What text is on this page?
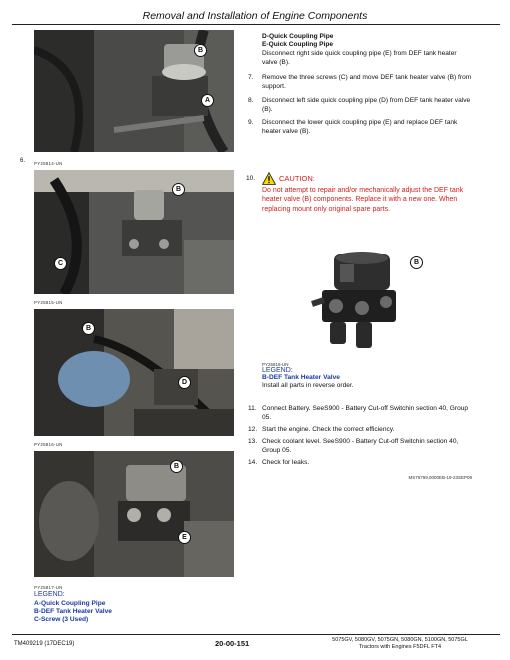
Removal and Installation of Engine Components
B
A
6. PY25814-UN
B
C
PY25815-UN
B
D
PY25816-UN
B
E
PY25817-UN
LEGEND:
A-Quick Coupling Pipe
B-DEF Tank Heater Valve
C-Screw (3 Used)
D-Quick Coupling Pipe
E-Quick Coupling Pipe
Disconnect right side quick coupling pipe (E) from DEF tank heater valve (B).
7.	Remove the three screws (C) and move DEF tank heater valve (B) from support.
8.	Disconnect left side quick coupling pipe (D) from DEF tank heater valve (B).
9.	Disconnect the lower quick coupling pipe (E) and replace DEF tank heater valve (B).
10.	CAUTION:
Do not attempt to repair and/or mechanically adjust the DEF tank heater valve (B) components. Replace it with a new one. When replacing mount only original spare parts.
B
PY25818-UN
LEGEND:
B-DEF Tank Heater Valve
Install all parts in reverse order.
11. Connect Battery. SeeS900 - Battery Cut-off Switchin section 40, Group 05.
12. Start the engine. Check the correct efficiency.
13. Check coolant level. SeeS900 - Battery Cut-off Switchin section 40, Group 05.
14. Check for leaks.
MS76759,0000EB-19-23SEP09
TM409219 (17DEC19)	20-00-151	5075GV, 5080GV, 5075GN, 5080GN, 5100GN, 5075GL
Tractors with Engines F5DFL FT4
